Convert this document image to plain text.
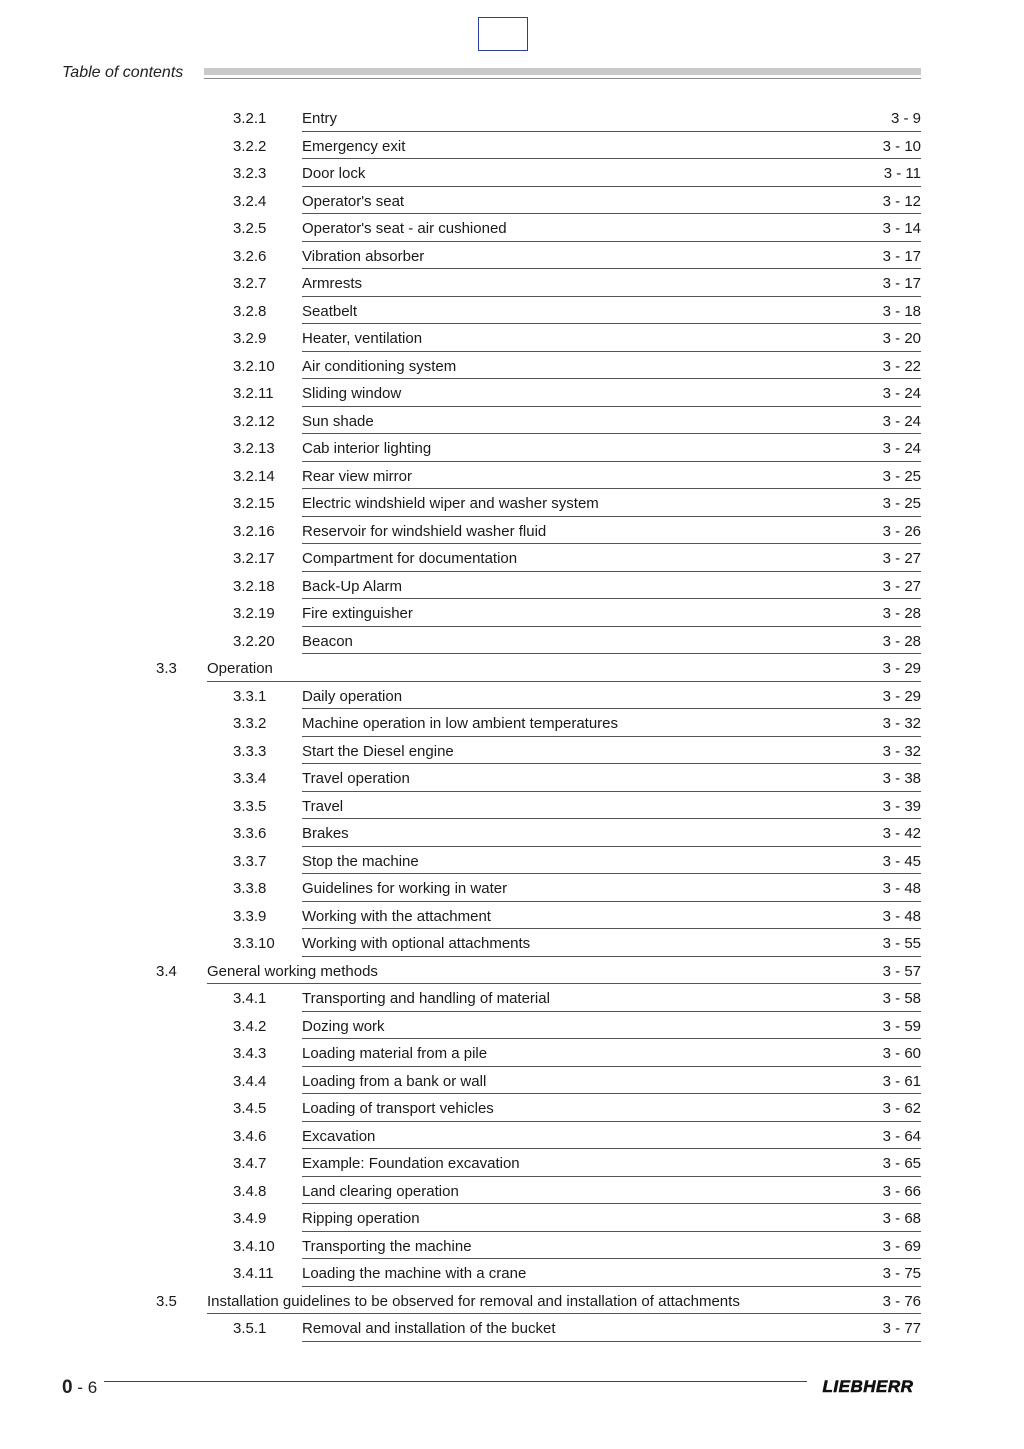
Table of contents
3.2.1 Entry	3 - 9
3.2.2 Emergency exit	3 - 10
3.2.3 Door lock	3 - 11
3.2.4 Operator's seat	3 - 12
3.2.5 Operator's seat - air cushioned	3 - 14
3.2.6 Vibration absorber	3 - 17
3.2.7 Armrests	3 - 17
3.2.8 Seatbelt	3 - 18
3.2.9 Heater, ventilation	3 - 20
3.2.10 Air conditioning system	3 - 22
3.2.11 Sliding window	3 - 24
3.2.12 Sun shade	3 - 24
3.2.13 Cab interior lighting	3 - 24
3.2.14 Rear view mirror	3 - 25
3.2.15 Electric windshield wiper and washer system	3 - 25
3.2.16 Reservoir for windshield washer fluid	3 - 26
3.2.17 Compartment for documentation	3 - 27
3.2.18 Back-Up Alarm	3 - 27
3.2.19 Fire extinguisher	3 - 28
3.2.20 Beacon	3 - 28
3.3 Operation	3 - 29
3.3.1 Daily operation	3 - 29
3.3.2 Machine operation in low ambient temperatures	3 - 32
3.3.3 Start the Diesel engine	3 - 32
3.3.4 Travel operation	3 - 38
3.3.5 Travel	3 - 39
3.3.6 Brakes	3 - 42
3.3.7 Stop the machine	3 - 45
3.3.8 Guidelines for working in water	3 - 48
3.3.9 Working with the attachment	3 - 48
3.3.10 Working with optional attachments	3 - 55
3.4 General working methods	3 - 57
3.4.1 Transporting and handling of material	3 - 58
3.4.2 Dozing work	3 - 59
3.4.3 Loading material from a pile	3 - 60
3.4.4 Loading from a bank or wall	3 - 61
3.4.5 Loading of transport vehicles	3 - 62
3.4.6 Excavation	3 - 64
3.4.7 Example: Foundation excavation	3 - 65
3.4.8 Land clearing operation	3 - 66
3.4.9 Ripping operation	3 - 68
3.4.10 Transporting the machine	3 - 69
3.4.11 Loading the machine with a crane	3 - 75
3.5 Installation guidelines to be observed for removal and installation of attachments	3 - 76
3.5.1 Removal and installation of the bucket	3 - 77
0 - 6	LIEBHERR
